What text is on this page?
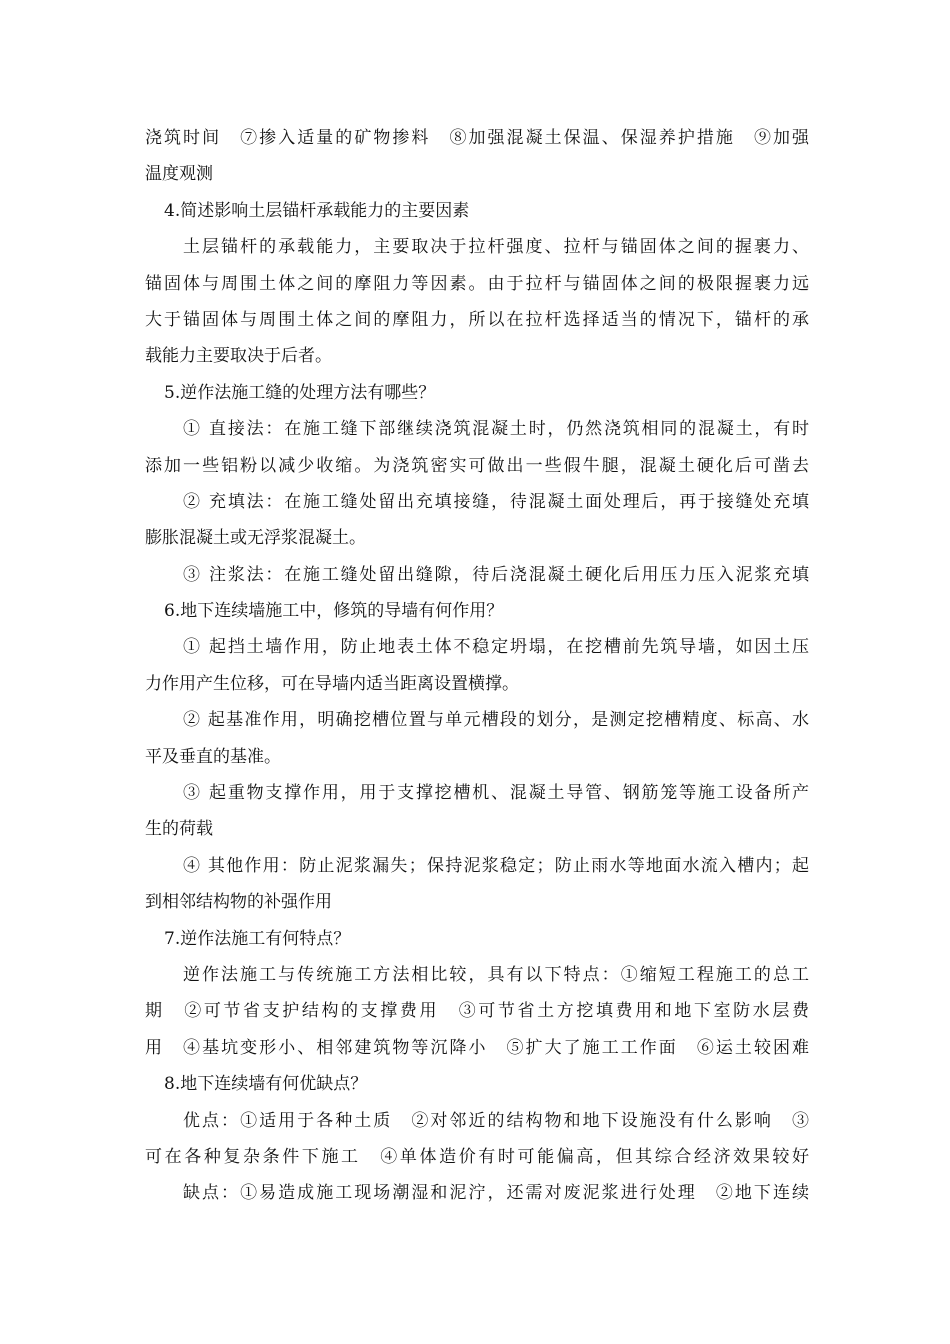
浇筑时间　⑦掺入适量的矿物掺料　⑧加强混凝土保温、保湿养护措施　⑨加强
温度观测
4.简述影响土层锚杆承载能力的主要因素
土层锚杆的承载能力，主要取决于拉杆强度、拉杆与锚固体之间的握裹力、
锚固体与周围土体之间的摩阻力等因素。由于拉杆与锚固体之间的极限握裹力远
大于锚固体与周围土体之间的摩阻力，所以在拉杆选择适当的情况下，锚杆的承
载能力主要取决于后者。
5.逆作法施工缝的处理方法有哪些？
① 直接法：在施工缝下部继续浇筑混凝土时，仍然浇筑相同的混凝土，有时
添加一些铝粉以减少收缩。为浇筑密实可做出一些假牛腿，混凝土硬化后可凿去
② 充填法：在施工缝处留出充填接缝，待混凝土面处理后，再于接缝处充填
膨胀混凝土或无浮浆混凝土。
③ 注浆法：在施工缝处留出缝隙，待后浇混凝土硬化后用压力压入泥浆充填
6.地下连续墙施工中，修筑的导墙有何作用？
① 起挡土墙作用，防止地表土体不稳定坍塌，在挖槽前先筑导墙，如因土压
力作用产生位移，可在导墙内适当距离设置横撑。
② 起基准作用，明确挖槽位置与单元槽段的划分，是测定挖槽精度、标高、水
平及垂直的基准。
③ 起重物支撑作用，用于支撑挖槽机、混凝土导管、钢筋笼等施工设备所产
生的荷载
④ 其他作用：防止泥浆漏失；保持泥浆稳定；防止雨水等地面水流入槽内；起
到相邻结构物的补强作用
7.逆作法施工有何特点？
逆作法施工与传统施工方法相比较，具有以下特点：①缩短工程施工的总工
期　②可节省支护结构的支撑费用　③可节省土方挖填费用和地下室防水层费
用　④基坑变形小、相邻建筑物等沉降小　⑤扩大了施工工作面　⑥运土较困难
8.地下连续墙有何优缺点？
优点：①适用于各种土质　②对邻近的结构物和地下设施没有什么影响　③
可在各种复杂条件下施工　④单体造价有时可能偏高，但其综合经济效果较好
缺点：①易造成施工现场潮湿和泥泞，还需对废泥浆进行处理　②地下连续
